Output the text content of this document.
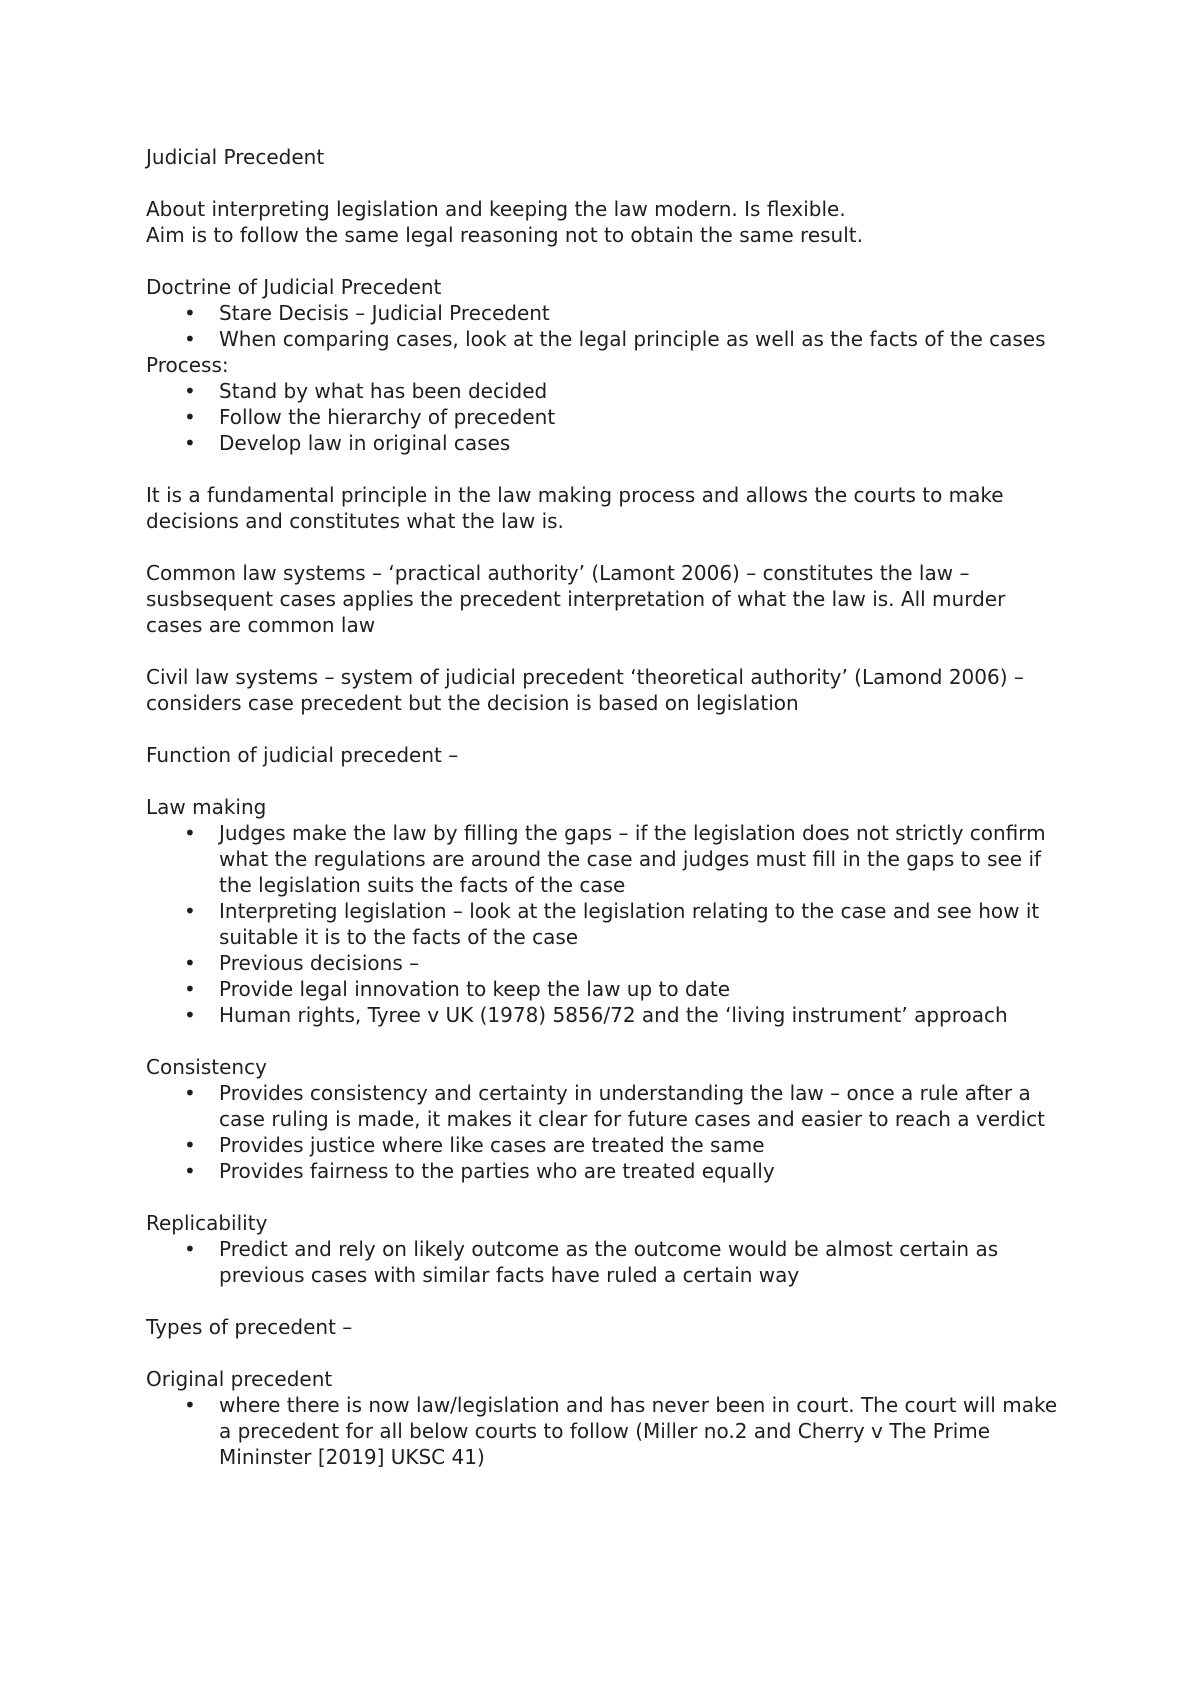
Judicial Precedent

About interpreting legislation and keeping the law modern. Is flexible.

Aim is to follow the same legal reasoning not to obtain the same result.

Doctrine of Judicial Precedent

• Stare Decisis – Judicial Precedent
• When comparing cases, look at the legal principle as well as the facts of the cases

Process:

• Stand by what has been decided
• Follow the hierarchy of precedent
• Develop law in original cases

It is a fundamental principle in the law making process and allows the courts to make decisions and constitutes what the law is.

Common law systems – ‘practical authority’ (Lamont 2006) – constitutes the law – susbsequent cases applies the precedent interpretation of what the law is. All murder cases are common law

Civil law systems – system of judicial precedent ‘theoretical authority’ (Lamond 2006) – considers case precedent but the decision is based on legislation

Function of judicial precedent –

Law making

• Judges make the law by filling the gaps – if the legislation does not strictly confirm what the regulations are around the case and judges must fill in the gaps to see if the legislation suits the facts of the case
• Interpreting legislation – look at the legislation relating to the case and see how it suitable it is to the facts of the case
• Previous decisions –
• Provide legal innovation to keep the law up to date
• Human rights, Tyree v UK (1978) 5856/72 and the ‘living instrument’ approach

Consistency

• Provides consistency and certainty in understanding the law – once a rule after a case ruling is made, it makes it clear for future cases and easier to reach a verdict
• Provides justice where like cases are treated the same
• Provides fairness to the parties who are treated equally

Replicability

• Predict and rely on likely outcome as the outcome would be almost certain as previous cases with similar facts have ruled a certain way

Types of precedent –

Original precedent

• where there is now law/legislation and has never been in court. The court will make a precedent for all below courts to follow (Miller no.2 and Cherry v The Prime Mininster [2019] UKSC 41)
